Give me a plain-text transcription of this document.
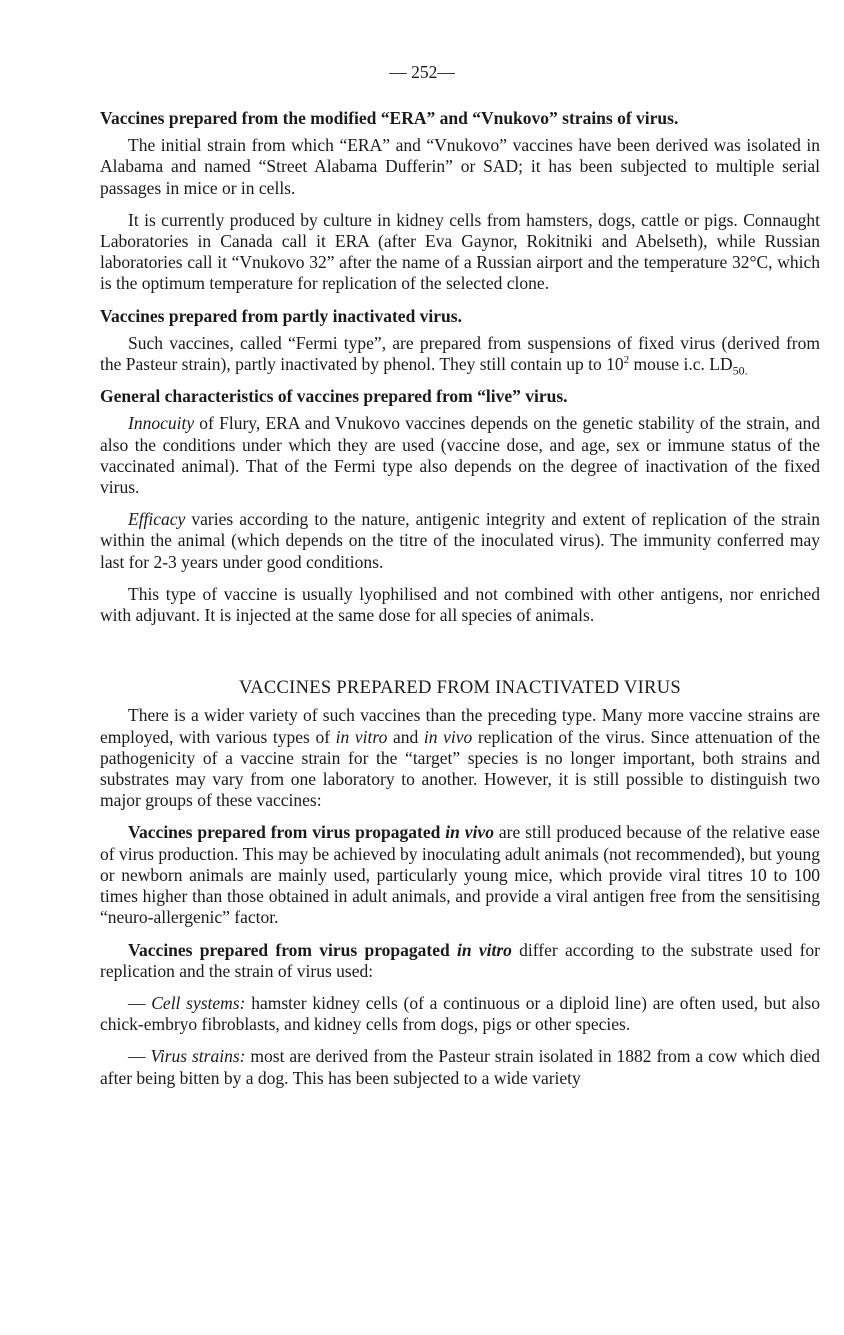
— 252—
Vaccines prepared from the modified “ERA” and “Vnukovo” strains of virus.

The initial strain from which “ERA” and “Vnukovo” vaccines have been derived was isolated in Alabama and named “Street Alabama Dufferin” or SAD; it has been subjected to multiple serial passages in mice or in cells.

It is currently produced by culture in kidney cells from hamsters, dogs, cattle or pigs. Connaught Laboratories in Canada call it ERA (after Eva Gaynor, Rokitniki and Abelseth), while Russian laboratories call it “Vnukovo 32” after the name of a Russian airport and the temperature 32°C, which is the optimum temperature for replication of the selected clone.

Vaccines prepared from partly inactivated virus.

Such vaccines, called “Fermi type”, are prepared from suspensions of fixed virus (derived from the Pasteur strain), partly inactivated by phenol. They still contain up to $10^2$ mouse i.c. $LD_{50.}$

General characteristics of vaccines prepared from “live” virus.

Innocuity of Flury, ERA and Vnukovo vaccines depends on the genetic stability of the strain, and also the conditions under which they are used (vaccine dose, and age, sex or immune status of the vaccinated animal). That of the Fermi type also depends on the degree of inactivation of the fixed virus.

Efficacy varies according to the nature, antigenic integrity and extent of replication of the strain within the animal (which depends on the titre of the inoculated virus). The immunity conferred may last for 2-3 years under good conditions.

This type of vaccine is usually lyophilised and not combined with other antigens, nor enriched with adjuvant. It is injected at the same dose for all species of animals.

VACCINES PREPARED FROM INACTIVATED VIRUS

There is a wider variety of such vaccines than the preceding type. Many more vaccine strains are employed, with various types of in vitro and in vivo replication of the virus. Since attenuation of the pathogenicity of a vaccine strain for the “target” species is no longer important, both strains and substrates may vary from one laboratory to another. However, it is still possible to distinguish two major groups of these vaccines:

Vaccines prepared from virus propagated in vivo are still produced because of the relative ease of virus production. This may be achieved by inoculating adult animals (not recommended), but young or newborn animals are mainly used, particularly young mice, which provide viral titres 10 to 100 times higher than those obtained in adult animals, and provide a viral antigen free from the sensitising “neuro-allergenic” factor.

Vaccines prepared from virus propagated in vitro differ according to the substrate used for replication and the strain of virus used:

— Cell systems: hamster kidney cells (of a continuous or a diploid line) are often used, but also chick-embryo fibroblasts, and kidney cells from dogs, pigs or other species.

— Virus strains: most are derived from the Pasteur strain isolated in 1882 from a cow which died after being bitten by a dog. This has been subjected to a wide variety
